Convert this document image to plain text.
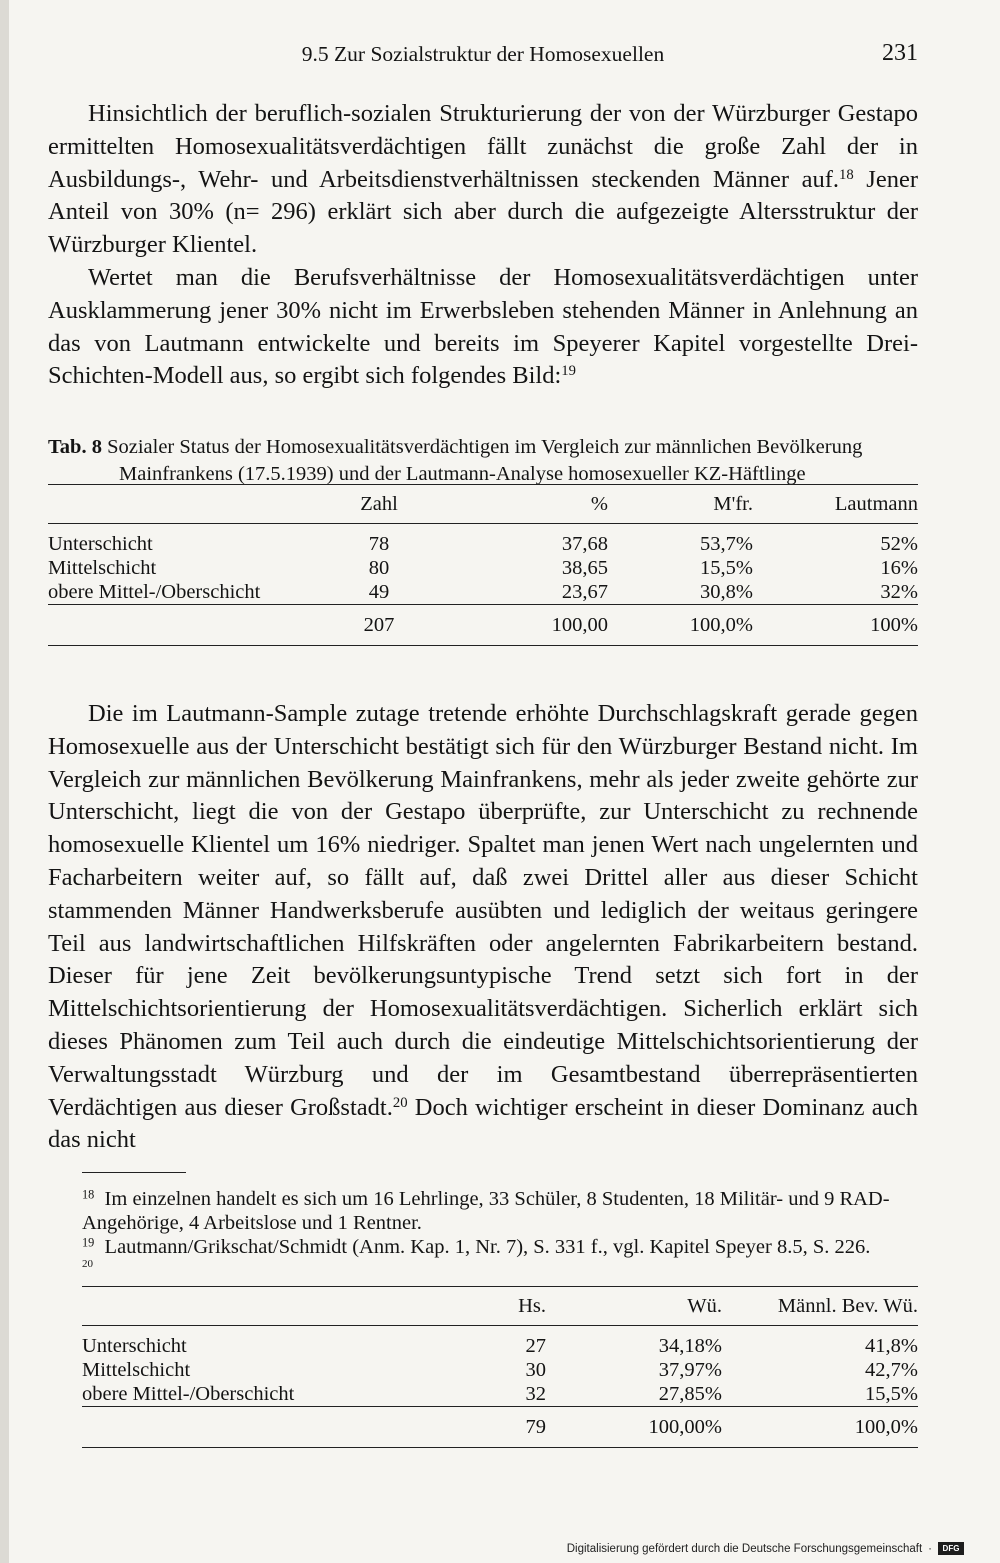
9.5 Zur Sozialstruktur der Homosexuellen	231

Hinsichtlich der beruflich-sozialen Strukturierung der von der Würzburger Gestapo ermittelten Homosexualitätsverdächtigen fällt zunächst die große Zahl der in Ausbildungs-, Wehr- und Arbeitsdienstverhältnissen steckenden Männer auf.$^{18}$ Jener Anteil von 30% (n= 296) erklärt sich aber durch die aufgezeigte Altersstruktur der Würzburger Klientel.

Wertet man die Berufsverhältnisse der Homosexualitätsverdächtigen unter Ausklammerung jener 30% nicht im Erwerbsleben stehenden Männer in Anlehnung an das von Lautmann entwickelte und bereits im Speyerer Kapitel vorgestellte Drei-Schichten-Modell aus, so ergibt sich folgendes Bild:$^{19}$

Tab. 8 Sozialer Status der Homosexualitätsverdächtigen im Vergleich zur männlichen Bevölkerung
Mainfrankens (17.5.1939) und der Lautmann-Analyse homosexueller KZ-Häftlinge
	Zahl	%	M'fr.	Lautmann
Unterschicht	78	37,68	53,7%	52%
Mittelschicht	80	38,65	15,5%	16%
obere Mittel-/Oberschicht	49	23,67	30,8%	32%
	207	100,00	100,0%	100%

Die im Lautmann-Sample zutage tretende erhöhte Durchschlagskraft gerade gegen Homosexuelle aus der Unterschicht bestätigt sich für den Würzburger Bestand nicht. Im Vergleich zur männlichen Bevölkerung Mainfrankens, mehr als jeder zweite gehörte zur Unterschicht, liegt die von der Gestapo überprüfte, zur Unterschicht zu rechnende homosexuelle Klientel um 16% niedriger. Spaltet man jenen Wert nach ungelernten und Facharbeitern weiter auf, so fällt auf, daß zwei Drittel aller aus dieser Schicht stammenden Männer Handwerksberufe ausübten und lediglich der weitaus geringere Teil aus landwirtschaftlichen Hilfskräften oder angelernten Fabrikarbeitern bestand. Dieser für jene Zeit bevölkerungsuntypische Trend setzt sich fort in der Mittelschichtsorientierung der Homosexualitätsverdächtigen. Sicherlich erklärt sich dieses Phänomen zum Teil auch durch die eindeutige Mittelschichtsorientierung der Verwaltungsstadt Würzburg und der im Gesamtbestand überrepräsentierten Verdächtigen aus dieser Großstadt.$^{20}$ Doch wichtiger erscheint in dieser Dominanz auch das nicht

$^{18}$ Im einzelnen handelt es sich um 16 Lehrlinge, 33 Schüler, 8 Studenten, 18 Militär- und 9 RAD-Angehörige, 4 Arbeitslose und 1 Rentner.
$^{19}$ Lautmann/Grikschat/Schmidt (Anm. Kap. 1, Nr. 7), S. 331 f., vgl. Kapitel Speyer 8.5, S. 226.
20
	Hs.	Wü.	Männl. Bev. Wü.
Unterschicht	27	34,18%	41,8%
Mittelschicht	30	37,97%	42,7%
obere Mittel-/Oberschicht	32	27,85%	15,5%
	79	100,00%	100,0%
Digitalisierung gefördert durch die Deutsche Forschungsgemeinschaft ·	DFG
